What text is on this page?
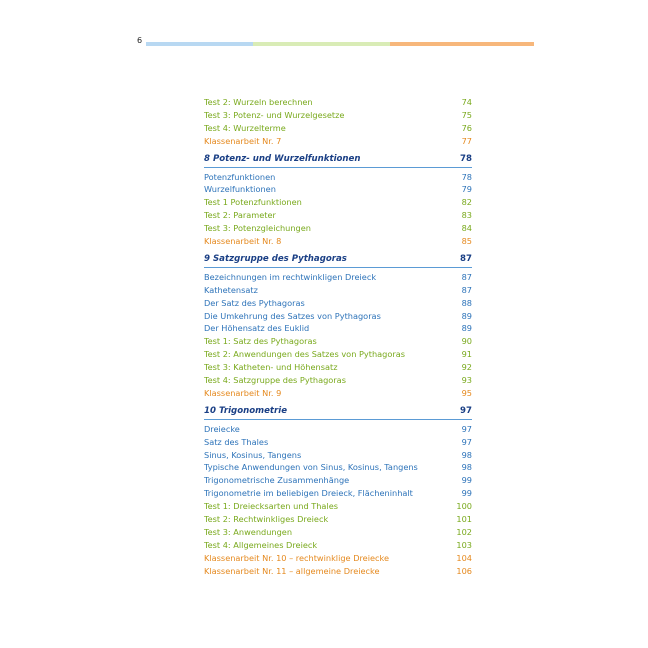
6
Test 2: Wurzeln berechnen	74
Test 3: Potenz- und Wurzelgesetze	75
Test 4: Wurzelterme	76
Klassenarbeit Nr. 7	77
8 Potenz- und Wurzelfunktionen	78
Potenzfunktionen	78
Wurzelfunktionen	79
Test 1 Potenzfunktionen	82
Test 2: Parameter	83
Test 3: Potenzgleichungen	84
Klassenarbeit Nr. 8	85
9 Satzgruppe des Pythagoras	87
Bezeichnungen im rechtwinkligen Dreieck	87
Kathetensatz	87
Der Satz des Pythagoras	88
Die Umkehrung des Satzes von Pythagoras	89
Der Höhensatz des Euklid	89
Test 1: Satz des Pythagoras	90
Test 2: Anwendungen des Satzes von Pythagoras	91
Test 3: Katheten- und Höhensatz	92
Test 4: Satzgruppe des Pythagoras	93
Klassenarbeit Nr. 9	95
10 Trigonometrie	97
Dreiecke	97
Satz des Thales	97
Sinus, Kosinus, Tangens	98
Typische Anwendungen von Sinus, Kosinus, Tangens	98
Trigonometrische Zusammenhänge	99
Trigonometrie im beliebigen Dreieck, Flächeninhalt	99
Test 1: Dreiecksarten und Thales	100
Test 2: Rechtwinkliges Dreieck	101
Test 3: Anwendungen	102
Test 4: Allgemeines Dreieck	103
Klassenarbeit Nr. 10 – rechtwinklige Dreiecke	104
Klassenarbeit Nr. 11 – allgemeine Dreiecke	106
